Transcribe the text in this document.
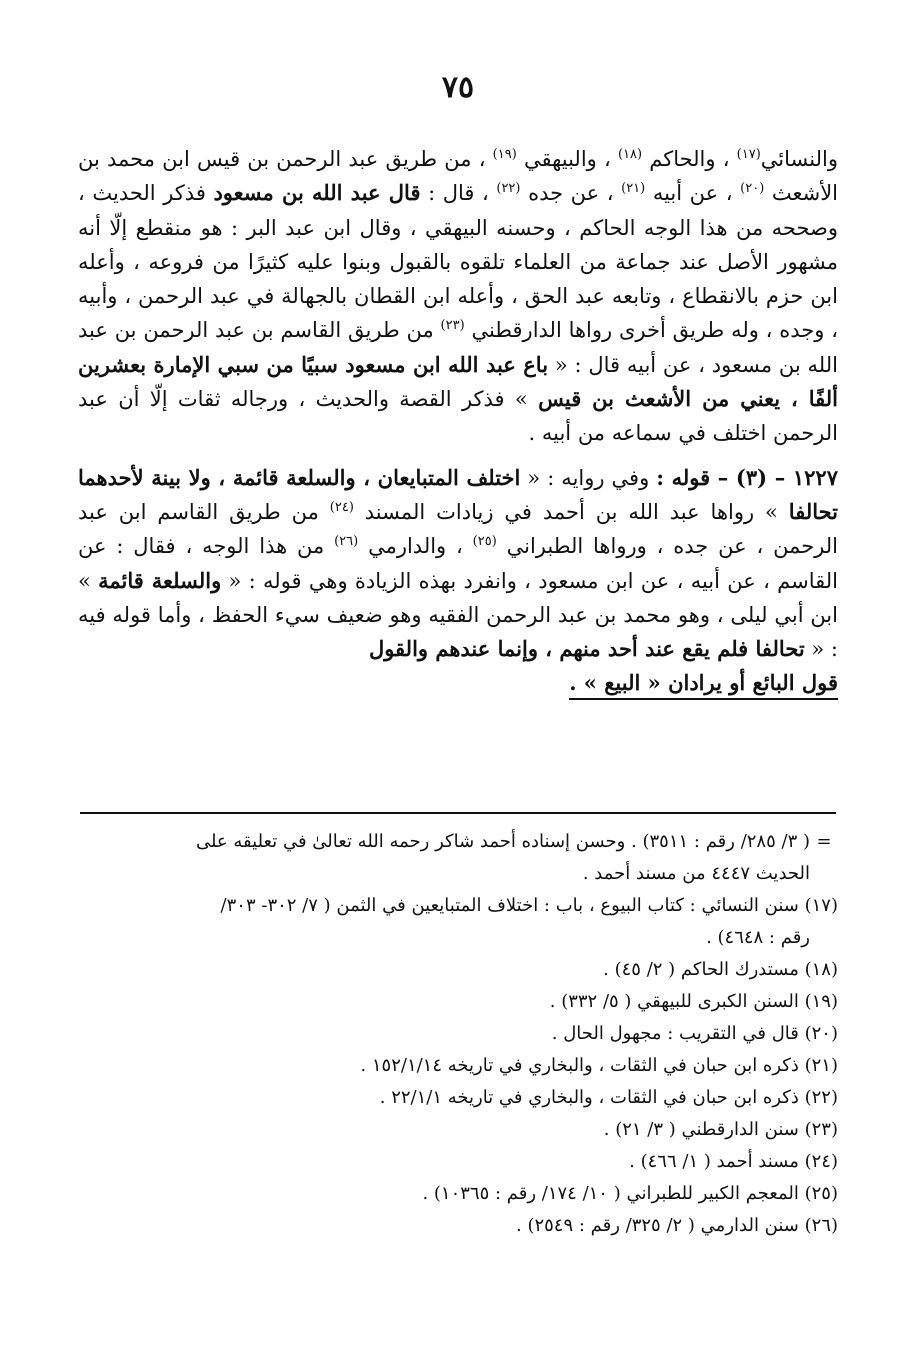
٧٥

والنسائي$^{(١٧)}$ ، والحاكم $^{(١٨)}$ ، والبيهقي $^{(١٩)}$ ، من طريق عبد الرحمن بن قيس ابن محمد بن الأشعث $^{(٢٠)}$ ، عن أبيه $^{(٢١)}$ ، عن جده $^{(٢٢)}$ ، قال : قال عبد الله بن مسعود فذكر الحديث ، وصححه من هذا الوجه الحاكم ، وحسنه البيهقي ، وقال ابن عبد البر : هو منقطع إلّا أنه مشهور الأصل عند جماعة من العلماء تلقوه بالقبول وبنوا عليه كثيرًا من فروعه ، وأعله ابن حزم بالانقطاع ، وتابعه عبد الحق ، وأعله ابن القطان بالجهالة في عبد الرحمن ، وأبيه ، وجده ، وله طريق أخرى رواها الدارقطني $^{(٢٣)}$ من طريق القاسم بن عبد الرحمن بن عبد الله بن مسعود ، عن أبيه قال : « باع عبد الله ابن مسعود سبيًا من سبي الإمارة بعشرين ألفًا ، يعني من الأشعث بن قيس » فذكر القصة والحديث ، ورجاله ثقات إلّا أن عبد الرحمن اختلف في سماعه من أبيه .

١٢٢٧ – (٣) – قوله : وفي روايه : « اختلف المتبايعان ، والسلعة قائمة ، ولا بينة لأحدهما تحالفا » رواها عبد الله بن أحمد في زيادات المسند $^{(٢٤)}$ من طريق القاسم ابن عبد الرحمن ، عن جده ، ورواها الطبراني $^{(٢٥)}$ ، والدارمي $^{(٢٦)}$ من هذا الوجه ، فقال : عن القاسم ، عن أبيه ، عن ابن مسعود ، وانفرد بهذه الزيادة وهي قوله : « والسلعة قائمة » ابن أبي ليلى ، وهو محمد بن عبد الرحمن الفقيه وهو ضعيف سيء الحفظ ، وأما قوله فيه : « تحالفا فلم يقع عند أحد منهم ، وإنما عندهم والقول
قول البائع أو يرادان « البيع » .

=
( ٣/ ٢٨٥/ رقم : ٣٥١١) . وحسن إسناده أحمد شاكر رحمه الله تعالىٰ في تعليقه على
الحديث ٤٤٤٧ من مسند أحمد .
(١٧) سنن النسائي : كتاب البيوع ، باب : اختلاف المتبايعين في الثمن ( ٧/ ٣٠٢- ٣٠٣/
رقم : ٤٦٤٨) .
(١٨) مستدرك الحاكم ( ٢/ ٤٥) .
(١٩) السنن الكبرى للبيهقي ( ٥/ ٣٣٢) .
(٢٠) قال في التقريب : مجهول الحال .
(٢١) ذكره ابن حبان في الثقات ، والبخاري في تاريخه ١٥٢/١/١٤ .
(٢٢) ذكره ابن حبان في الثقات ، والبخاري في تاريخه ٢٢/١/١ .
(٢٣) سنن الدارقطني ( ٣/ ٢١) .
(٢٤) مسند أحمد ( ١/ ٤٦٦) .
(٢٥) المعجم الكبير للطبراني ( ١٠/ ١٧٤/ رقم : ١٠٣٦٥) .
(٢٦) سنن الدارمي ( ٢/ ٣٢٥/ رقم : ٢٥٤٩) .
